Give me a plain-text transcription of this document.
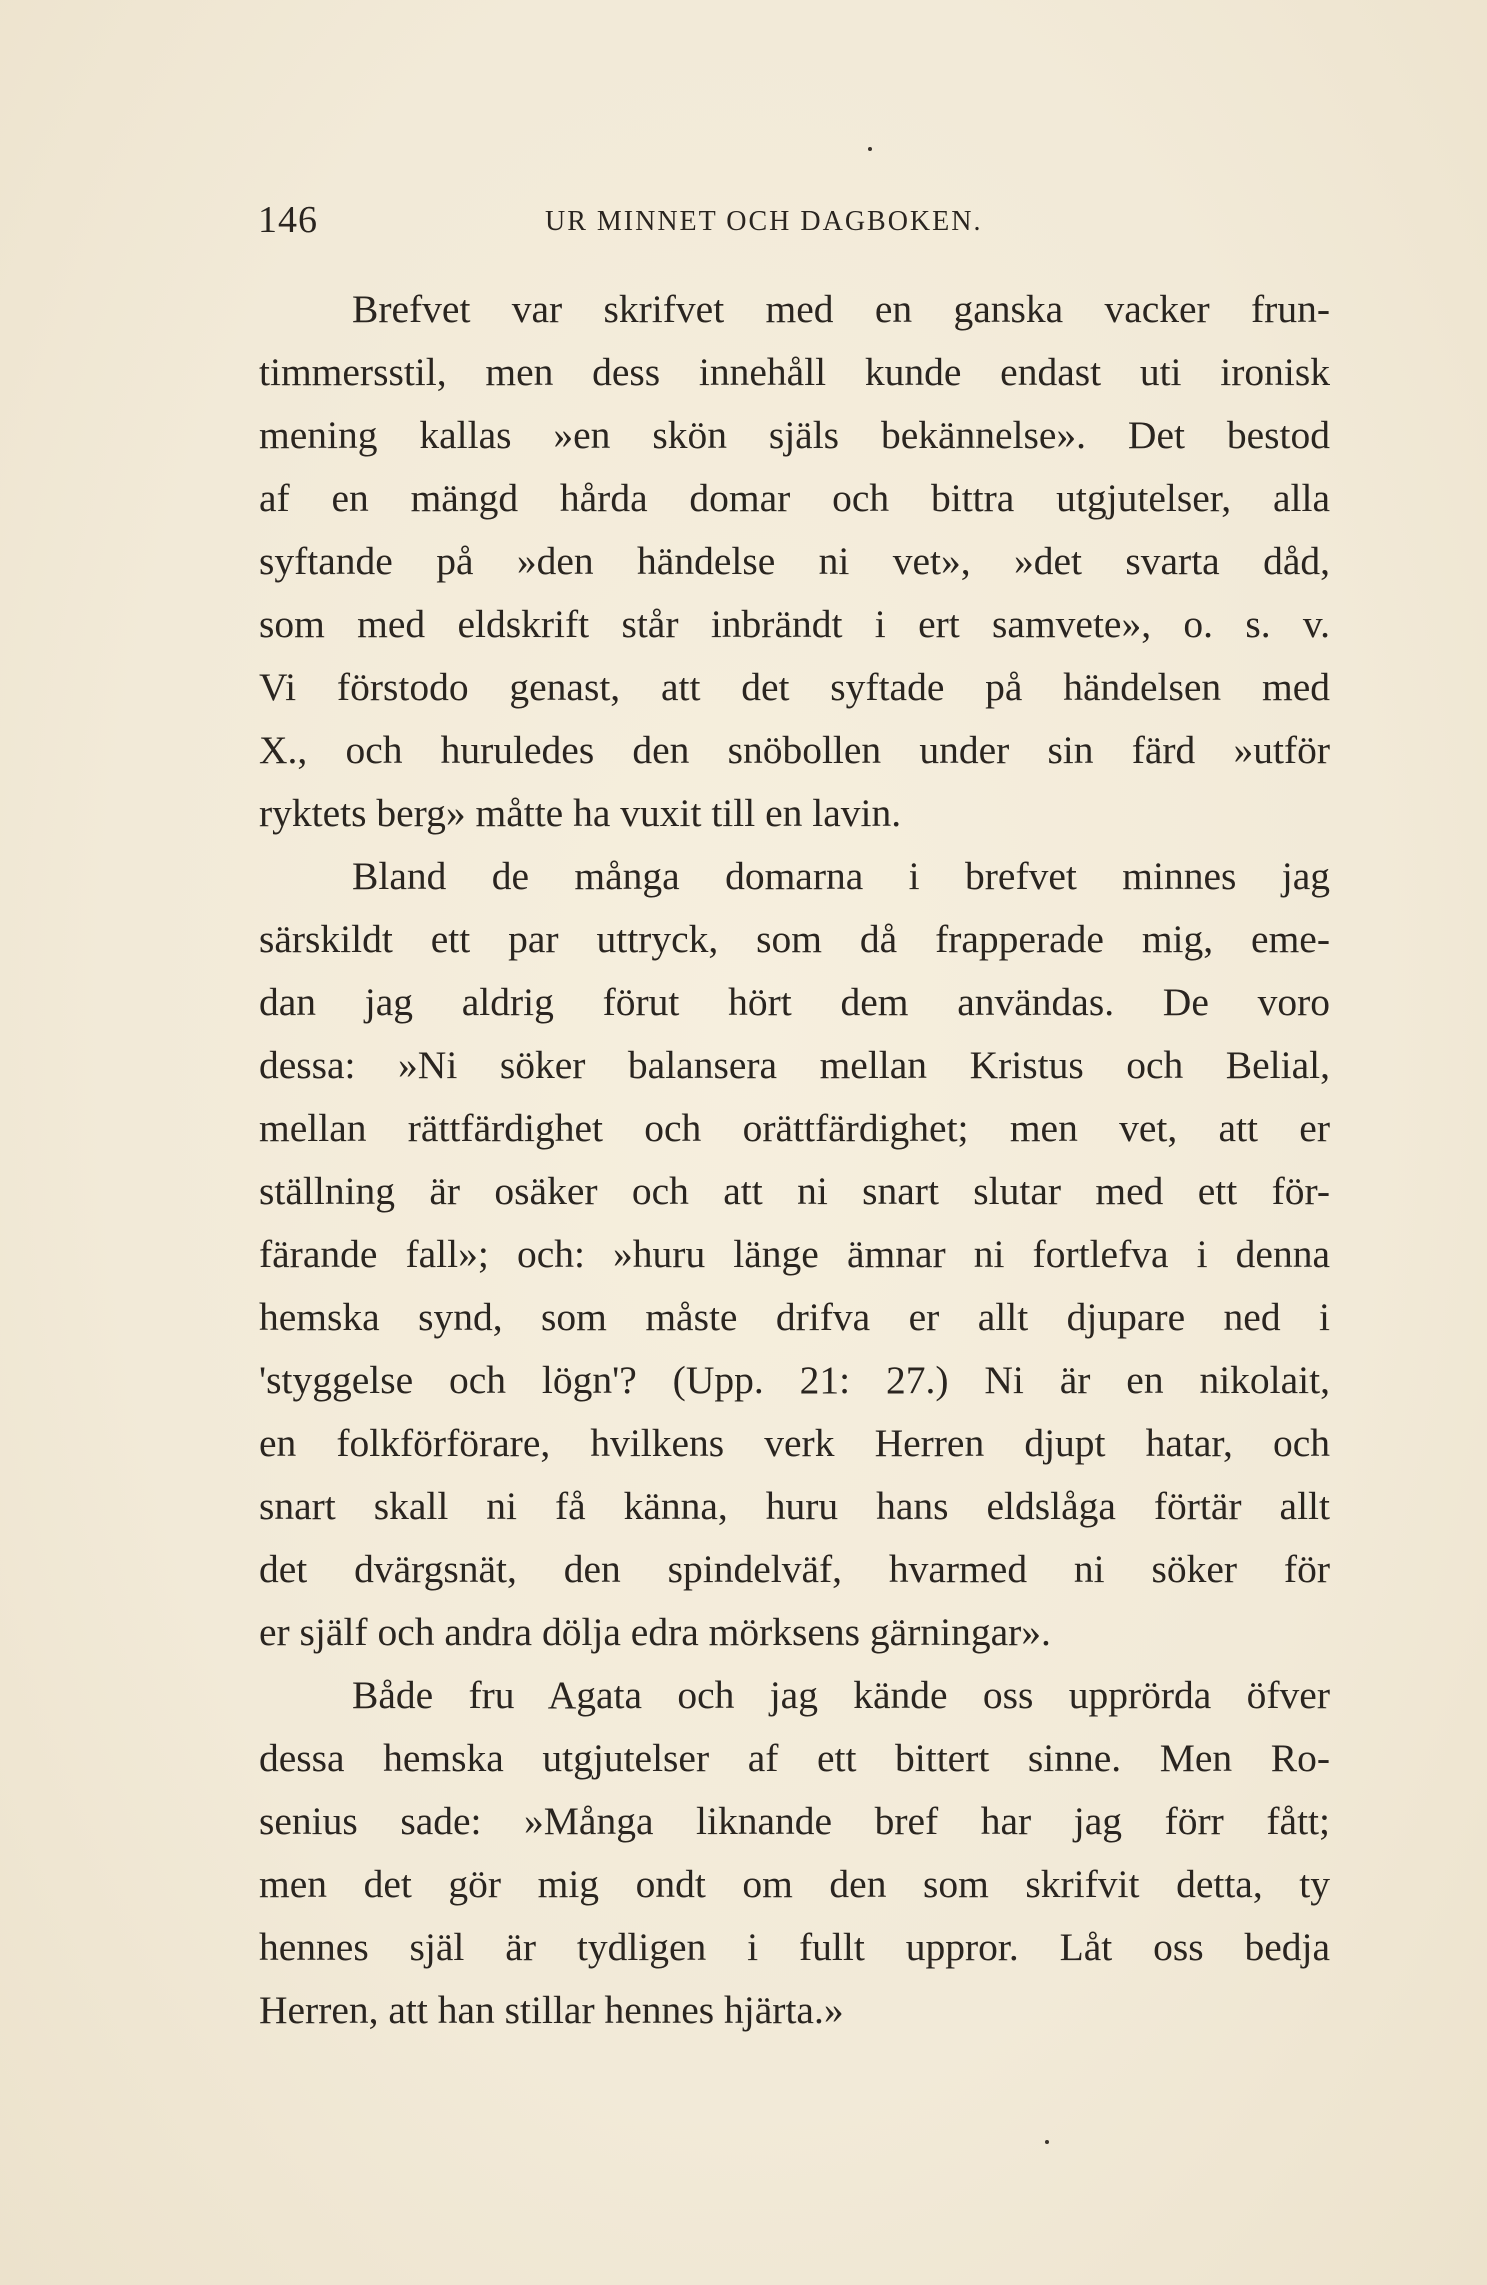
146	UR MINNET OCH DAGBOKEN.
Brefvet var skrifvet med en ganska vacker frun-
timmersstil, men dess innehåll kunde endast uti ironisk
mening kallas »en skön själs bekännelse». Det bestod
af en mängd hårda domar och bittra utgjutelser, alla
syftande på »den händelse ni vet», »det svarta dåd,
som med eldskrift står inbrändt i ert samvete», o. s. v.
Vi förstodo genast, att det syftade på händelsen med
X., och huruledes den snöbollen under sin färd »utför
ryktets berg» måtte ha vuxit till en lavin.
Bland de många domarna i brefvet minnes jag
särskildt ett par uttryck, som då frapperade mig, eme-
dan jag aldrig förut hört dem användas. De voro
dessa: »Ni söker balansera mellan Kristus och Belial,
mellan rättfärdighet och orättfärdighet; men vet, att er
ställning är osäker och att ni snart slutar med ett för-
färande fall»; och: »huru länge ämnar ni fortlefva i denna
hemska synd, som måste drifva er allt djupare ned i
'styggelse och lögn'? (Upp. 21: 27.) Ni är en nikolait,
en folkförförare, hvilkens verk Herren djupt hatar, och
snart skall ni få känna, huru hans eldslåga förtär allt
det dvärgsnät, den spindelväf, hvarmed ni söker för
er själf och andra dölja edra mörksens gärningar».
Både fru Agata och jag kände oss upprörda öfver
dessa hemska utgjutelser af ett bittert sinne. Men Ro-
senius sade: »Många liknande bref har jag förr fått;
men det gör mig ondt om den som skrifvit detta, ty
hennes själ är tydligen i fullt uppror. Låt oss bedja
Herren, att han stillar hennes hjärta.»
